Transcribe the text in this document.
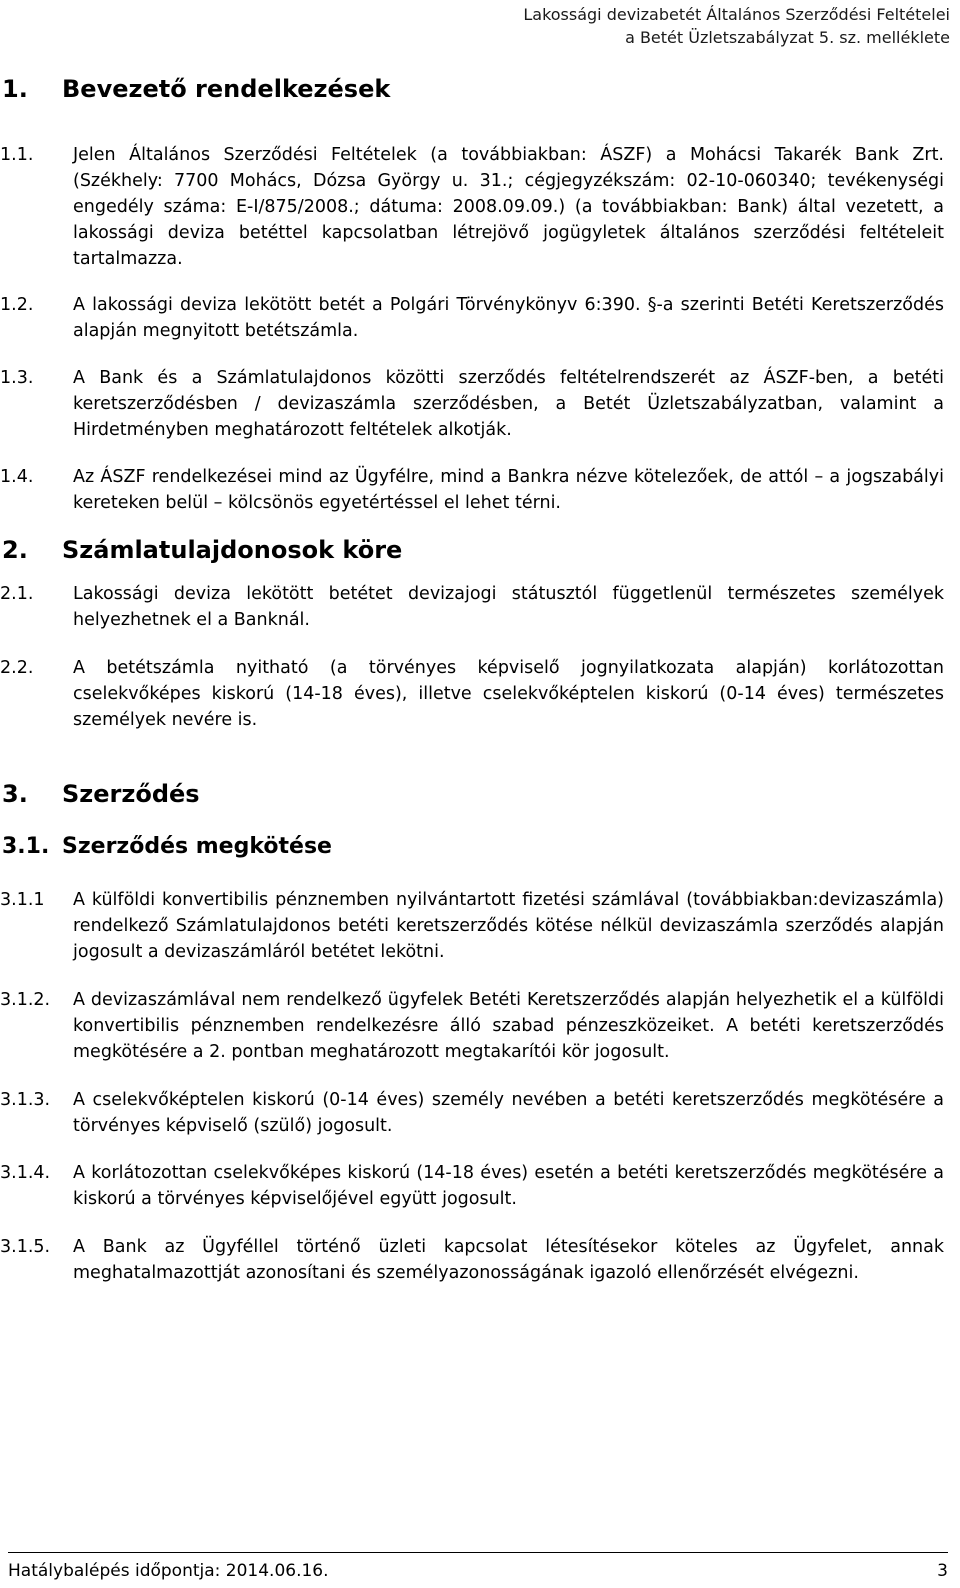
Lakossági devizabetét Általános Szerződési Feltételei
a Betét Üzletszabályzat 5. sz. melléklete
1.	Bevezető rendelkezések
1.1.	Jelen Általános Szerződési Feltételek (a továbbiakban: ÁSZF) a Mohácsi Takarék Bank Zrt. (Székhely: 7700 Mohács, Dózsa György u. 31.; cégjegyzékszám: 02-10-060340; tevékenységi engedély száma: E-I/875/2008.; dátuma: 2008.09.09.) (a továbbiakban: Bank) által vezetett, a lakossági deviza betéttel kapcsolatban létrejövő jogügyletek általános szerződési feltételeit tartalmazza.
1.2.	A lakossági deviza lekötött betét a Polgári Törvénykönyv 6:390. §-a szerinti Betéti Keretszerződés alapján megnyitott betétszámla.
1.3.	A Bank és a Számlatulajdonos közötti szerződés feltételrendszerét az ÁSZF-ben, a betéti keretszerződésben / devizaszámla szerződésben, a Betét Üzletszabályzatban, valamint a Hirdetményben meghatározott feltételek alkotják.
1.4.	Az ÁSZF rendelkezései mind az Ügyfélre, mind a Bankra nézve kötelezőek, de attól – a jogszabályi kereteken belül – kölcsönös egyetértéssel el lehet térni.
2.	Számlatulajdonosok köre
2.1.	Lakossági deviza lekötött betétet devizajogi státusztól függetlenül természetes személyek helyezhetnek el a Banknál.
2.2.	A betétszámla nyitható (a törvényes képviselő jognyilatkozata alapján) korlátozottan cselekvőképes kiskorú (14-18 éves), illetve cselekvőképtelen kiskorú (0-14 éves) természetes személyek nevére is.
3.	Szerződés
3.1. Szerződés megkötése
3.1.1	A külföldi konvertibilis pénznemben nyilvántartott fizetési számlával (továbbiakban:devizaszámla) rendelkező Számlatulajdonos betéti keretszerződés kötése nélkül devizaszámla szerződés alapján jogosult a devizaszámláról betétet lekötni.
3.1.2.	A devizaszámlával nem rendelkező ügyfelek Betéti Keretszerződés alapján helyezhetik el a külföldi konvertibilis pénznemben rendelkezésre álló szabad pénzeszközeiket. A betéti keretszerződés megkötésére a 2. pontban meghatározott megtakarítói kör jogosult.
3.1.3.	A cselekvőképtelen kiskorú (0-14 éves) személy nevében a betéti keretszerződés megkötésére a törvényes képviselő (szülő) jogosult.
3.1.4.	A korlátozottan cselekvőképes kiskorú (14-18 éves) esetén a betéti keretszerződés megkötésére a kiskorú a törvényes képviselőjével együtt jogosult.
3.1.5.	A Bank az Ügyféllel történő üzleti kapcsolat létesítésekor köteles az Ügyfelet, annak meghatalmazottját azonosítani és személyazonosságának igazoló ellenőrzését elvégezni.
Hatálybalépés időpontja: 2014.06.16.	3
